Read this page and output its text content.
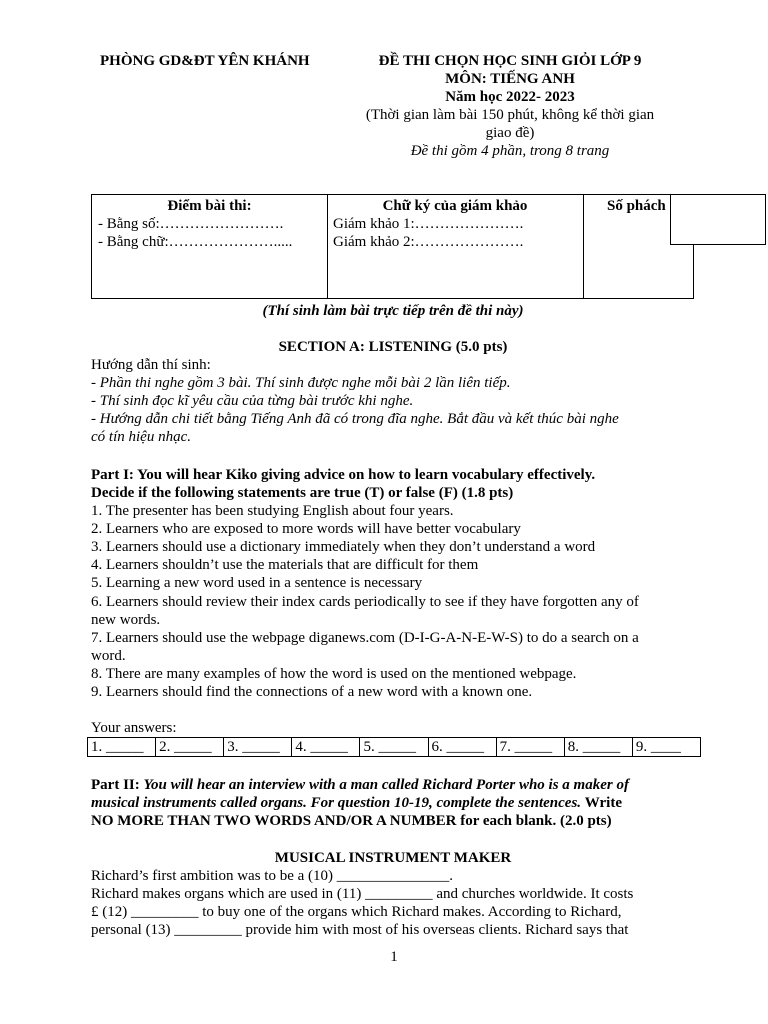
PHÒNG GD&ĐT YÊN KHÁNH	ĐỀ THI CHỌN HỌC SINH GIỎI LỚP 9
MÔN: TIẾNG ANH
Năm học 2022- 2023
(Thời gian làm bài 150 phút, không kể thời gian
giao đề)
Đề thi gồm 4 phần, trong 8 trang
Điểm bài thi:
- Bằng số:…………………….
- Bằng chữ:………………….....
Chữ ký của giám khảo
Giám khảo 1:………………….
Giám khảo 2:………………….
Số phách
(Thí sinh làm bài trực tiếp trên đề thi này)
SECTION A: LISTENING (5.0 pts)
Hướng dẫn thí sinh:
- Phần thi nghe gồm 3 bài. Thí sinh được nghe mỗi bài 2 lần liên tiếp.
- Thí sinh đọc kĩ yêu cầu của từng bài trước khi nghe.
- Hướng dẫn chi tiết bằng Tiếng Anh đã có trong đĩa nghe. Bắt đầu và kết thúc bài nghe
có tín hiệu nhạc.
Part I: You will hear Kiko giving advice on how to learn vocabulary effectively.
Decide if the following statements are true (T) or false (F) (1.8 pts)
1. The presenter has been studying English about four years.
2. Learners who are exposed to more words will have better vocabulary
3. Learners should use a dictionary immediately when they don’t understand a word
4. Learners shouldn’t use the materials that are difficult for them
5. Learning a new word used in a sentence is necessary
6. Learners should review their index cards periodically to see if they have forgotten any of
new words.
7. Learners should use the webpage diganews.com (D-I-G-A-N-E-W-S) to do a search on a
word.
8. There are many examples of how the word is used on the mentioned webpage.
9. Learners should find the connections of a new word with a known one.
Your answers:
1. _____	2. _____	3. _____	4. _____	5. _____	6. _____	7. _____	8. _____	9. ____
Part II: You will hear an interview with a man called Richard Porter who is a maker of
musical instruments called organs. For question 10-19, complete the sentences. Write
NO MORE THAN TWO WORDS AND/OR A NUMBER for each blank. (2.0 pts)
MUSICAL INSTRUMENT MAKER
Richard’s first ambition was to be a (10) _______________.
Richard makes organs which are used in (11) _________ and churches worldwide. It costs
£ (12) _________ to buy one of the organs which Richard makes. According to Richard,
personal (13) _________ provide him with most of his overseas clients. Richard says that
1
